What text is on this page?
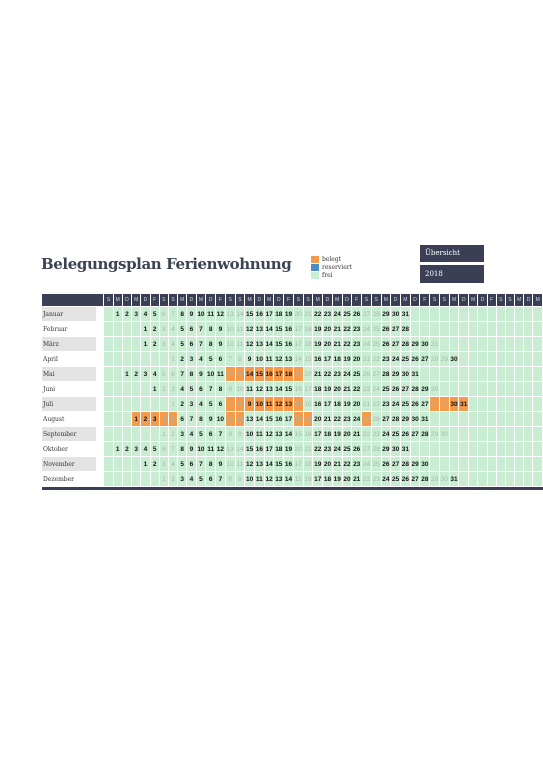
Belegungsplan Ferienwohnung	belegt
reserviert
frei
Übersicht
2018
		S	M	D	M	D	F	S	S	M	D	M	D	F	S	S	M	D	M	D	F	S	S	M	D	M	D	F	S	S	M	D	M	D	F	S	S	M	D	M	D	F	S	S	M	D	M
Januar			1	2	3	4	5	6	7	8	9	10	11	12	13	14	15	16	17	18	19	20	21	22	23	24	25	26	27	28	29	30	31														
Februar						1	2	3	4	5	6	7	8	9	10	11	12	13	14	15	16	17	18	19	20	21	22	23	24	25	26	27	28														
März						1	2	3	4	5	6	7	8	9	10	11	12	13	14	15	16	17	18	19	20	21	22	23	24	25	26	27	28	29	30	31											
April									1	2	3	4	5	6	7	8	9	10	11	12	13	14	15	16	17	18	19	20	21	22	23	24	25	26	27	28	29	30									
Mai				1	2	3	4	5	6	7	8	9	10	11	12	13	14	15	16	17	18	19	20	21	22	23	24	25	26	27	28	29	30	31													
Juni							1	2	3	4	5	6	7	8	9	10	11	12	13	14	15	16	17	18	19	20	21	22	23	24	25	26	27	28	29	30											
Juli									1	2	3	4	5	6	7	8	9	10	11	12	13	14	15	16	17	18	19	20	21	22	23	24	25	26	27	28	29	30	31								
August					1	2	3	4	5	6	7	8	9	10	11	12	13	14	15	16	17	18	19	20	21	22	23	24	25	26	27	28	29	30	31												
September								1	2	3	4	5	6	7	8	9	10	11	12	13	14	15	16	17	18	19	20	21	22	23	24	25	26	27	28	29	30										
Oktober			1	2	3	4	5	6	7	8	9	10	11	12	13	14	15	16	17	18	19	20	21	22	23	24	25	26	27	28	29	30	31														
November						1	2	3	4	5	6	7	8	9	10	11	12	13	14	15	16	17	18	19	20	21	22	23	24	25	26	27	28	29	30												
Dezember								1	2	3	4	5	6	7	8	9	10	11	12	13	14	15	16	17	18	19	20	21	22	23	24	25	26	27	28	29	30	31									
